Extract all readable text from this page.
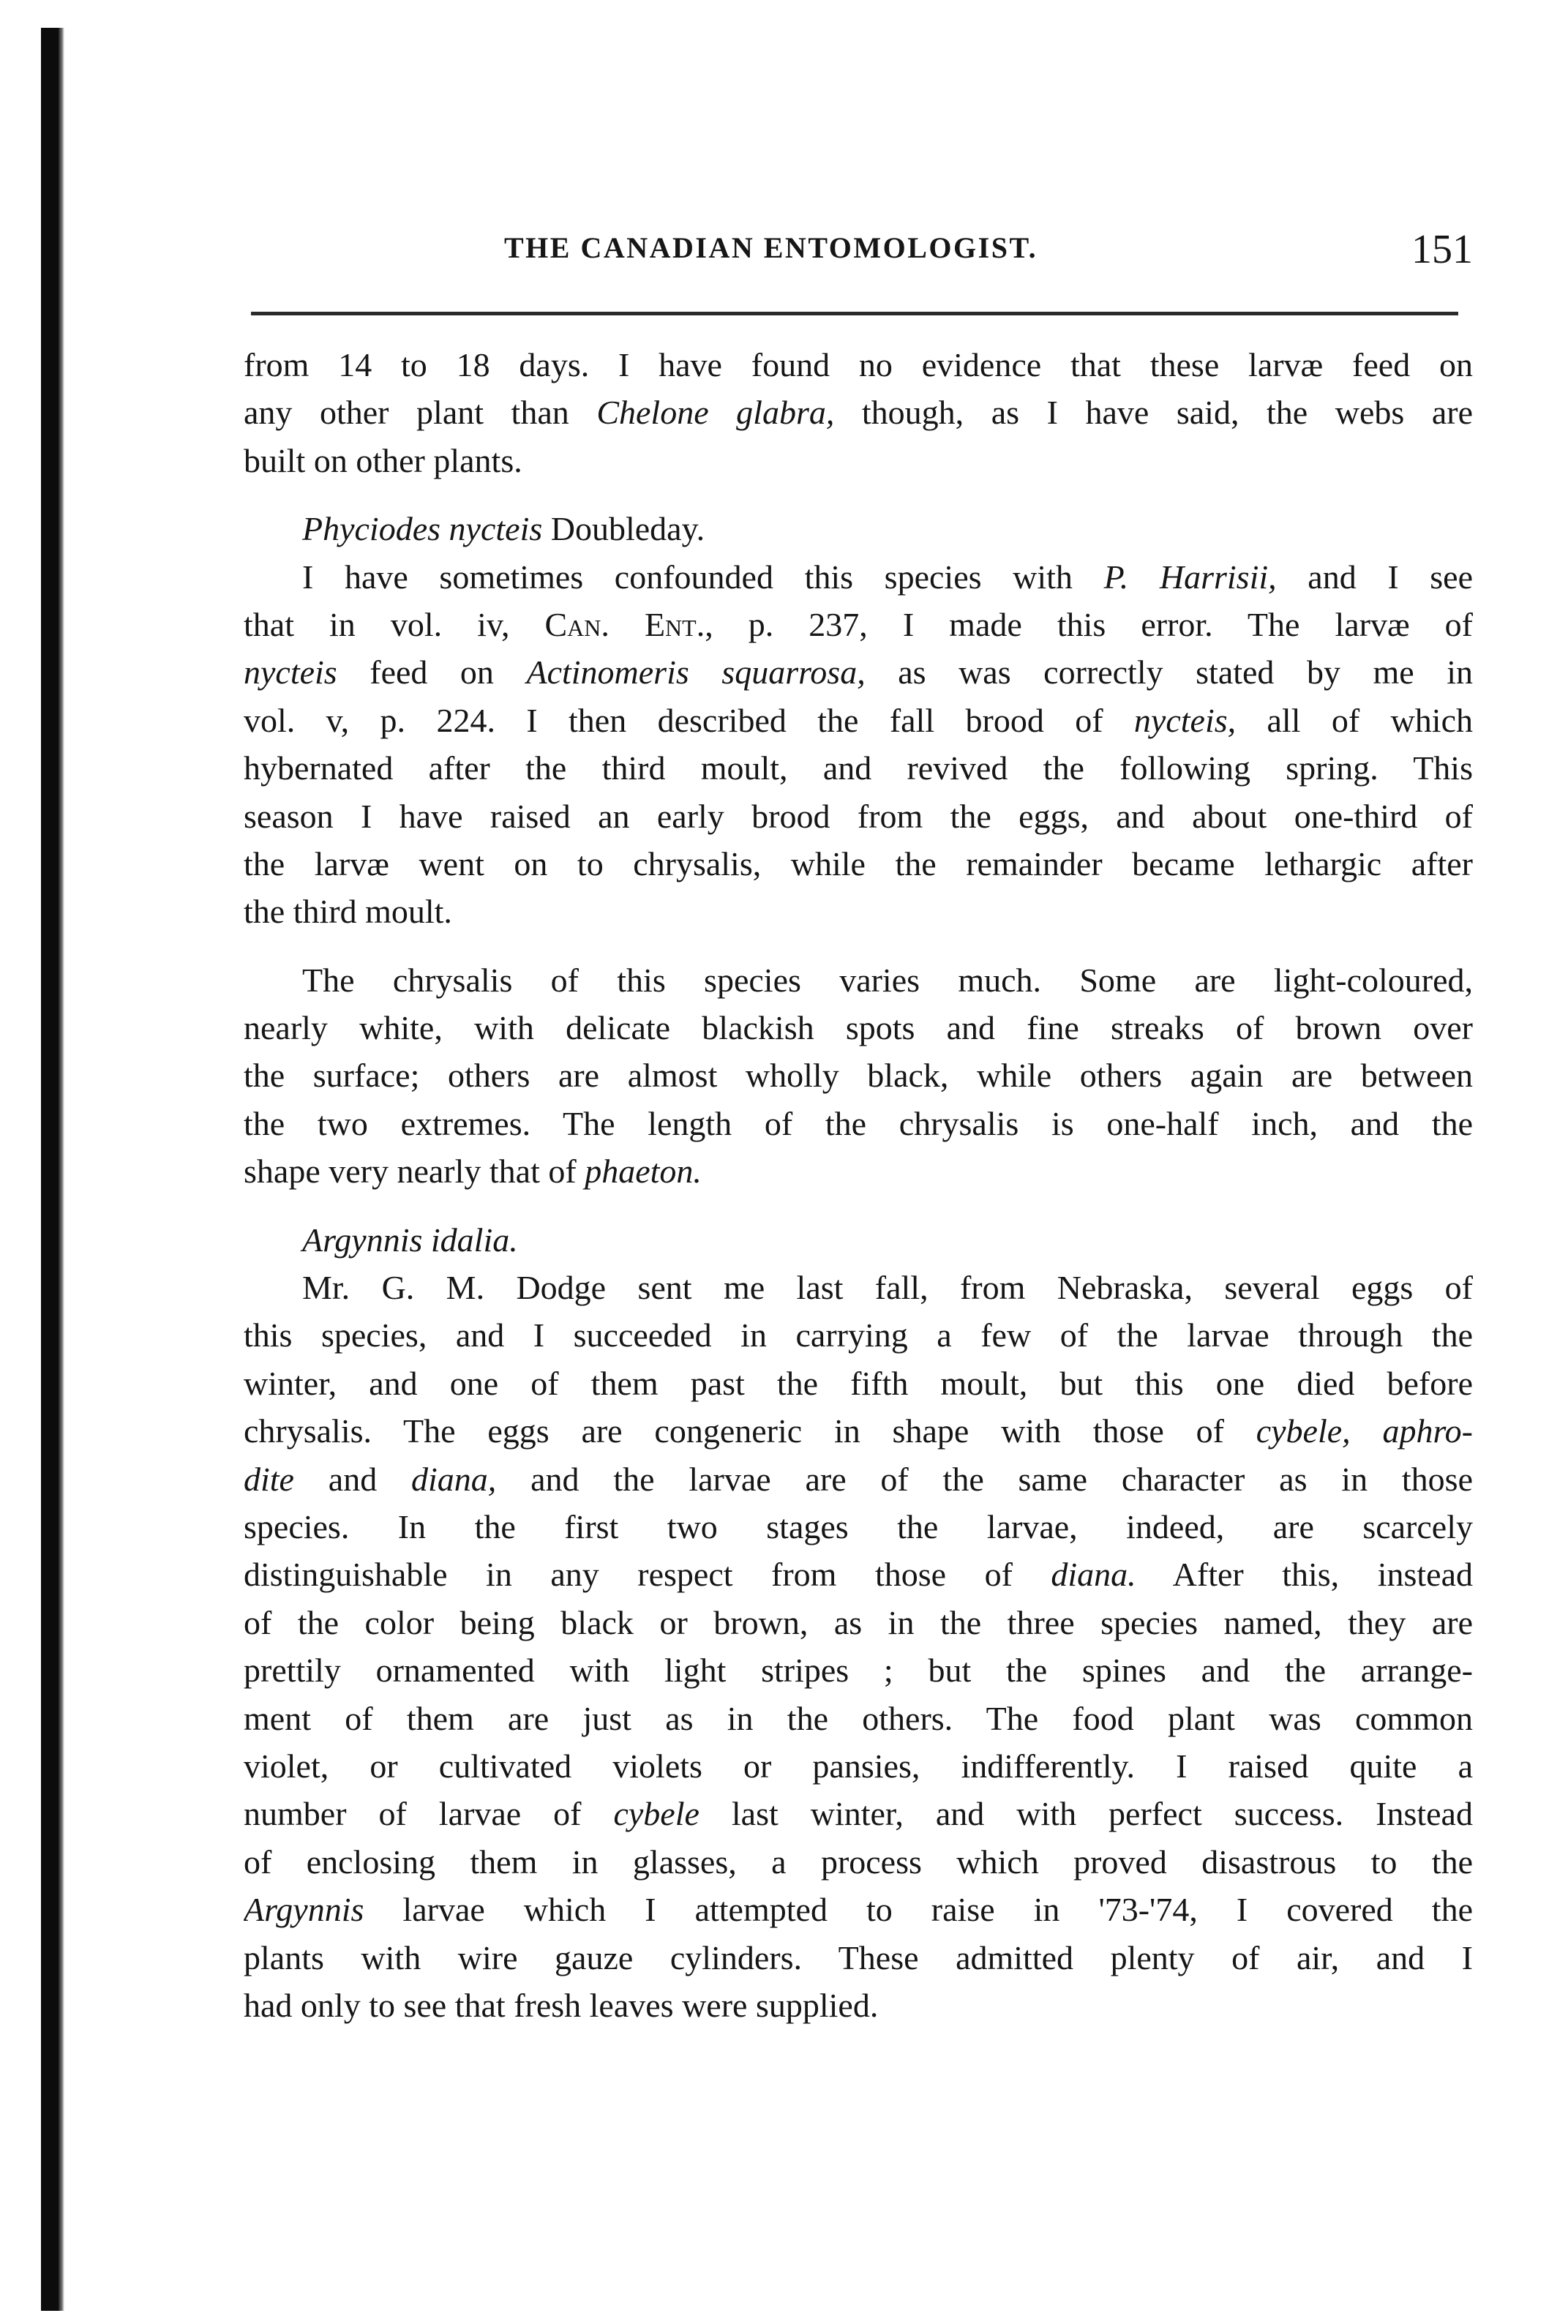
THE CANADIAN ENTOMOLOGIST.	151
from 14 to 18 days. I have found no evidence that these larvæ feed on
any other plant than Chelone glabra, though, as I have said, the webs are
built on other plants.
Phyciodes nycteis Doubleday.
I have sometimes confounded this species with P. Harrisii, and I see
that in vol. iv, Can. Ent., p. 237, I made this error. The larvæ of
nycteis feed on Actinomeris squarrosa, as was correctly stated by me in
vol. v, p. 224. I then described the fall brood of nycteis, all of which
hybernated after the third moult, and revived the following spring. This
season I have raised an early brood from the eggs, and about one-third of
the larvæ went on to chrysalis, while the remainder became lethargic after
the third moult.
The chrysalis of this species varies much. Some are light-coloured,
nearly white, with delicate blackish spots and fine streaks of brown over
the surface; others are almost wholly black, while others again are between
the two extremes. The length of the chrysalis is one-half inch, and the
shape very nearly that of phaeton.
Argynnis idalia.
Mr. G. M. Dodge sent me last fall, from Nebraska, several eggs of
this species, and I succeeded in carrying a few of the larvae through the
winter, and one of them past the fifth moult, but this one died before
chrysalis. The eggs are congeneric in shape with those of cybele, aphro-
dite and diana, and the larvae are of the same character as in those
species. In the first two stages the larvae, indeed, are scarcely
distinguishable in any respect from those of diana. After this, instead
of the color being black or brown, as in the three species named, they are
prettily ornamented with light stripes ; but the spines and the arrange-
ment of them are just as in the others. The food plant was common
violet, or cultivated violets or pansies, indifferently. I raised quite a
number of larvae of cybele last winter, and with perfect success. Instead
of enclosing them in glasses, a process which proved disastrous to the
Argynnis larvae which I attempted to raise in '73-'74, I covered the
plants with wire gauze cylinders. These admitted plenty of air, and I
had only to see that fresh leaves were supplied.
